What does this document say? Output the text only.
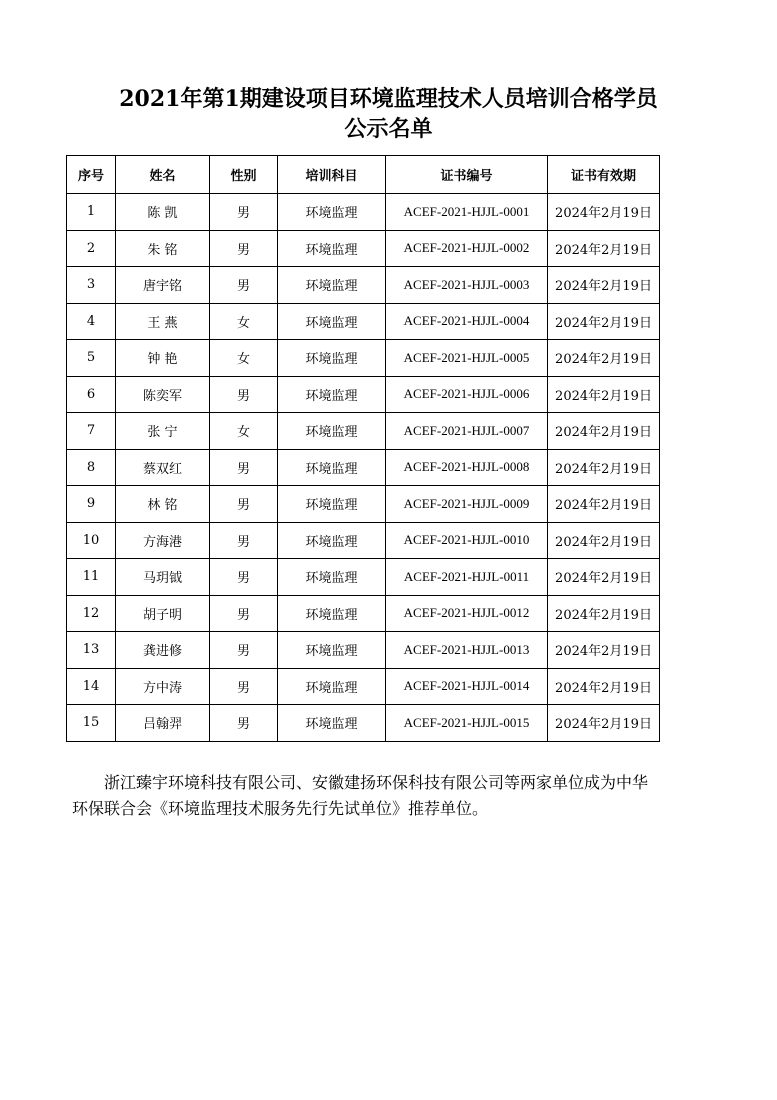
2021年第1期建设项目环境监理技术人员培训合格学员
公示名单
序号	姓名	性别	培训科目	证书编号	证书有效期
1	陈 凯	男	环境监理	ACEF-2021-HJJL-0001	2024年2月19日
2	朱 铭	男	环境监理	ACEF-2021-HJJL-0002	2024年2月19日
3	唐宇铭	男	环境监理	ACEF-2021-HJJL-0003	2024年2月19日
4	王 燕	女	环境监理	ACEF-2021-HJJL-0004	2024年2月19日
5	钟 艳	女	环境监理	ACEF-2021-HJJL-0005	2024年2月19日
6	陈奕军	男	环境监理	ACEF-2021-HJJL-0006	2024年2月19日
7	张 宁	女	环境监理	ACEF-2021-HJJL-0007	2024年2月19日
8	蔡双红	男	环境监理	ACEF-2021-HJJL-0008	2024年2月19日
9	林 铭	男	环境监理	ACEF-2021-HJJL-0009	2024年2月19日
10	方海港	男	环境监理	ACEF-2021-HJJL-0010	2024年2月19日
11	马玥钺	男	环境监理	ACEF-2021-HJJL-0011	2024年2月19日
12	胡子明	男	环境监理	ACEF-2021-HJJL-0012	2024年2月19日
13	龚进修	男	环境监理	ACEF-2021-HJJL-0013	2024年2月19日
14	方中涛	男	环境监理	ACEF-2021-HJJL-0014	2024年2月19日
15	吕翰羿	男	环境监理	ACEF-2021-HJJL-0015	2024年2月19日

浙江臻宇环境科技有限公司、安徽建扬环保科技有限公司等两家单位成为中华环保联合会《环境监理技术服务先行先试单位》推荐单位。
